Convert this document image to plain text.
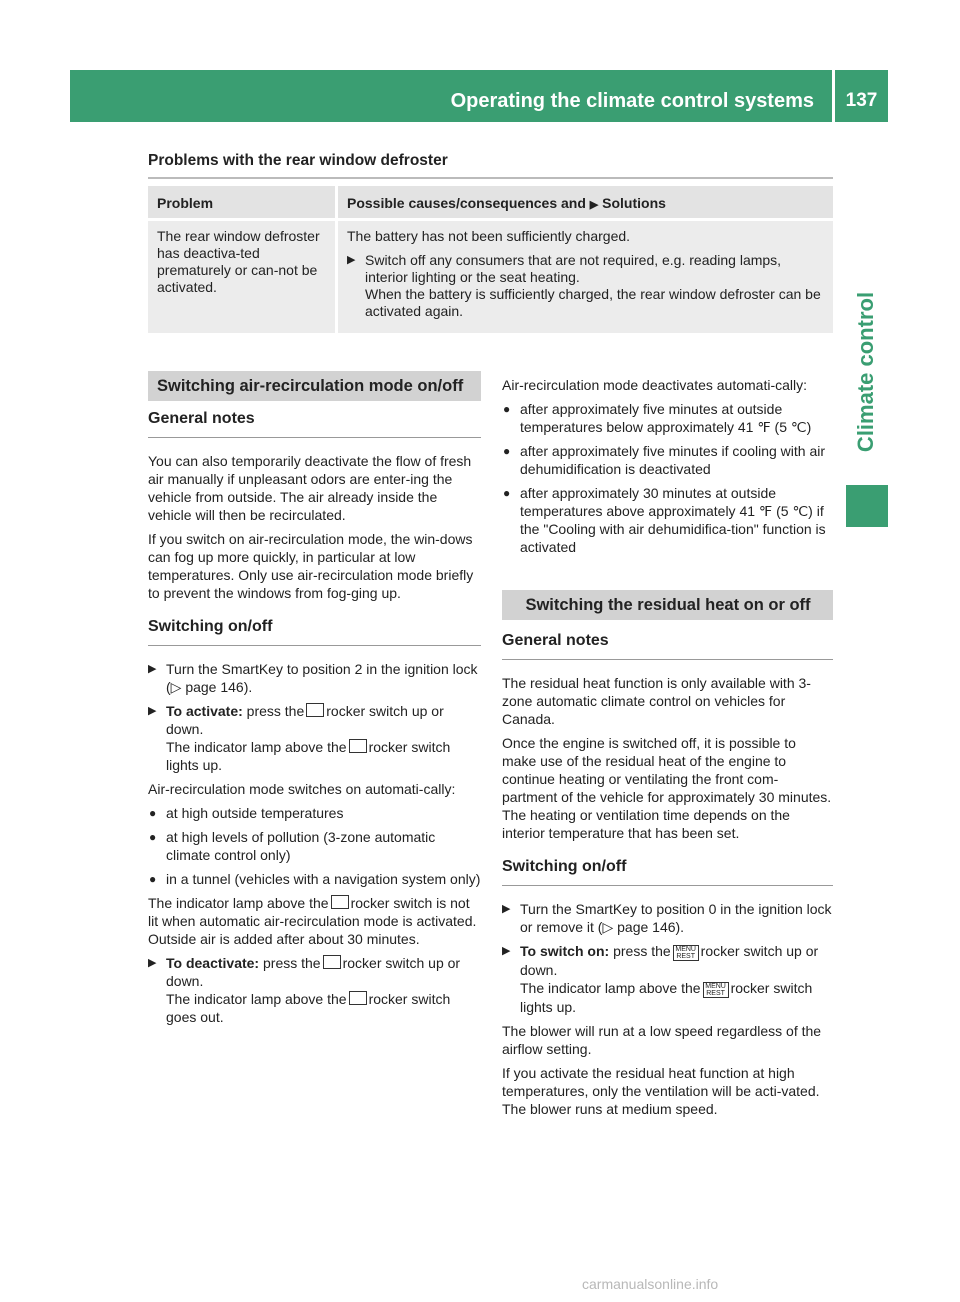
Operating the climate control systems	137
Climate control
Problems with the rear window defroster
Problem	Possible causes/consequences and ▶ Solutions
The rear window defroster has deactiva-ted prematurely or can-not be activated.

The battery has not been sufficiently charged.

▶ Switch off any consumers that are not required, e.g. reading lamps, interior lighting or the seat heating.
When the battery is sufficiently charged, the rear window defroster can be activated again.
Switching air-recirculation mode on/off

General notes

You can also temporarily deactivate the flow of fresh air manually if unpleasant odors are enter-ing the vehicle from outside. The air already inside the vehicle will then be recirculated.

If you switch on air-recirculation mode, the win-dows can fog up more quickly, in particular at low temperatures. Only use air-recirculation mode briefly to prevent the windows from fog-ging up.

Switching on/off

▶ Turn the SmartKey to position 2 in the ignition lock (▷ page 146).
▶ To activate: press the rocker switch up or down.
The indicator lamp above the rocker switch lights up.

Air-recirculation mode switches on automati-cally:

● at high outside temperatures
● at high levels of pollution (3-zone automatic climate control only)
● in a tunnel (vehicles with a navigation system only)

The indicator lamp above the rocker switch is not lit when automatic air-recirculation mode is activated. Outside air is added after about 30 minutes.

▶ To deactivate: press the rocker switch up or down.
The indicator lamp above the rocker switch goes out.

Air-recirculation mode deactivates automati-cally:

● after approximately five minutes at outside temperatures below approximately 41 ℉ (5 ℃)
● after approximately five minutes if cooling with air dehumidification is deactivated
● after approximately 30 minutes at outside temperatures above approximately 41 ℉ (5 ℃) if the "Cooling with air dehumidifica-tion" function is activated
Switching the residual heat on or off

General notes

The residual heat function is only available with 3-zone automatic climate control on vehicles for Canada.

Once the engine is switched off, it is possible to make use of the residual heat of the engine to continue heating or ventilating the front com-partment of the vehicle for approximately 30 minutes. The heating or ventilation time depends on the interior temperature that has been set.

Switching on/off

▶ Turn the SmartKey to position 0 in the ignition lock or remove it (▷ page 146).
▶ To switch on: press the MENU
REST rocker switch up or down.
The indicator lamp above the MENU
REST rocker switch lights up.

The blower will run at a low speed regardless of the airflow setting.

If you activate the residual heat function at high temperatures, only the ventilation will be acti-vated. The blower runs at medium speed.

carmanualsonline.info
